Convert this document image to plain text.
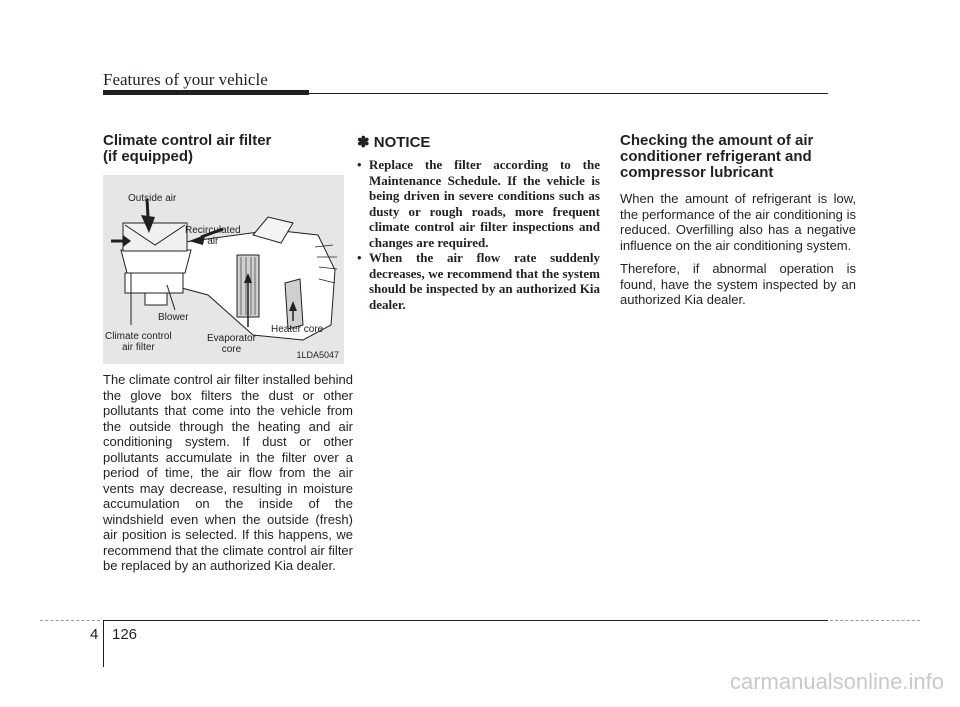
Features of your vehicle
Climate control air filter
(if equipped)
Outside air
Recirculated
air
Blower
Climate control
air filter
Evaporator
core
Heater core
1LDA5047

The climate control air filter installed behind the glove box filters the dust or other pollutants that come into the vehicle from the outside through the heating and air conditioning system. If dust or other pollutants accumulate in the filter over a period of time, the air flow from the air vents may decrease, resulting in moisture accumulation on the inside of the windshield even when the outside (fresh) air position is selected. If this happens, we recommend that the climate control air filter be replaced by an authorized Kia dealer.

✽ NOTICE
• Replace the filter according to the Maintenance Schedule. If the vehicle is being driven in severe conditions such as dusty or rough roads, more frequent climate control air filter inspections and changes are required.
• When the air flow rate suddenly decreases, we recommend that the system should be inspected by an authorized Kia dealer.
Checking the amount of air conditioner refrigerant and compressor lubricant

When the amount of refrigerant is low, the performance of the air conditioning is reduced. Overfilling also has a negative influence on the air conditioning system.

Therefore, if abnormal operation is found, have the system inspected by an authorized Kia dealer.

4 126
carmanualsonline.info
